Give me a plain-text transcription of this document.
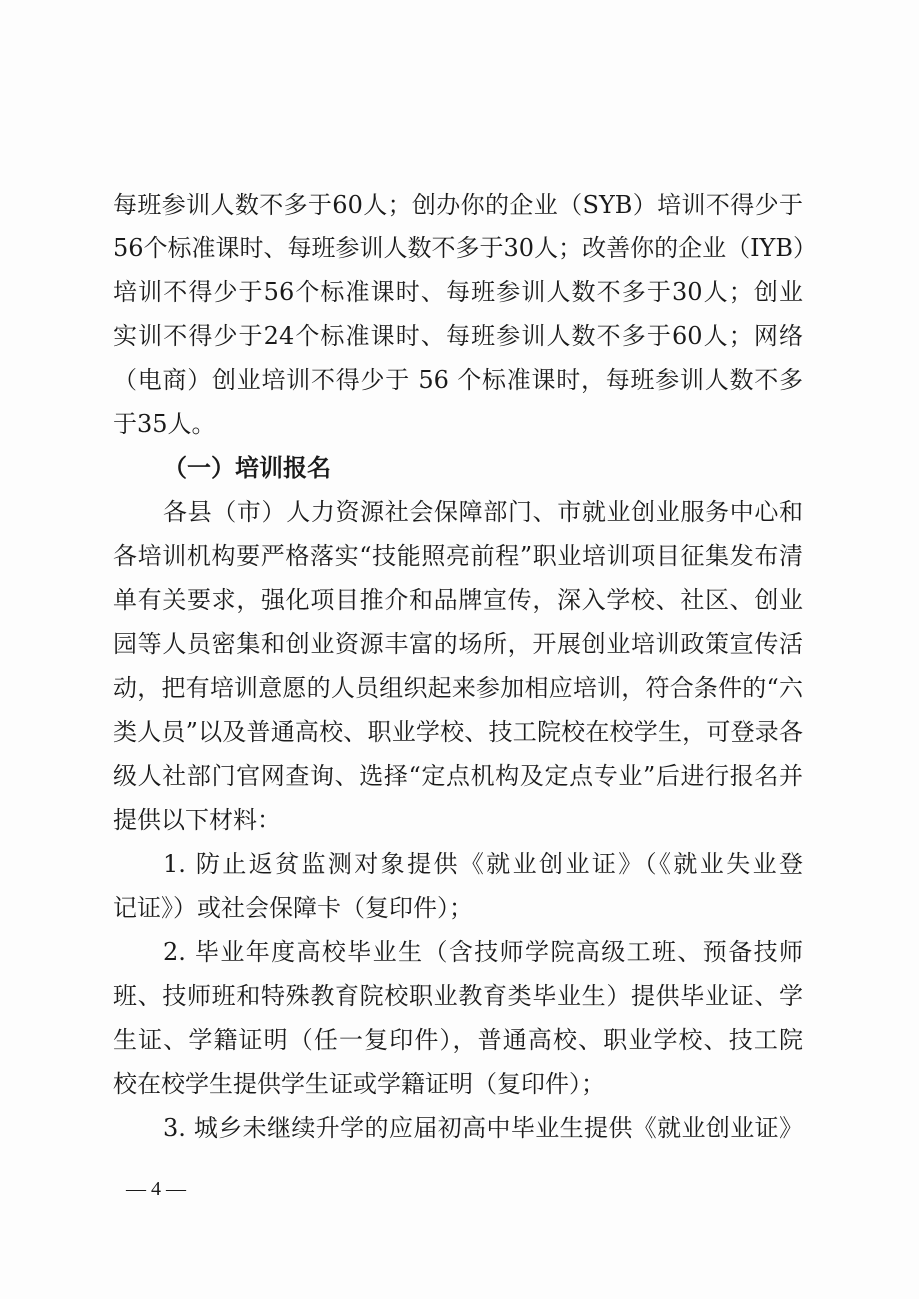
每班参训人数不多于60人；创办你的企业（SYB）培训不得少于
56个标准课时、每班参训人数不多于30人；改善你的企业（IYB）
培训不得少于56个标准课时、每班参训人数不多于30人；创业
实训不得少于24个标准课时、每班参训人数不多于60人；网络
（电商）创业培训不得少于 56 个标准课时，每班参训人数不多
于35人。
（一）培训报名
各县（市）人力资源社会保障部门、市就业创业服务中心和
各培训机构要严格落实“技能照亮前程”职业培训项目征集发布清
单有关要求，强化项目推介和品牌宣传，深入学校、社区、创业
园等人员密集和创业资源丰富的场所，开展创业培训政策宣传活
动，把有培训意愿的人员组织起来参加相应培训，符合条件的“六
类人员”以及普通高校、职业学校、技工院校在校学生，可登录各
级人社部门官网查询、选择“定点机构及定点专业”后进行报名并
提供以下材料：
1. 防止返贫监测对象提供《就业创业证》（《就业失业登
记证》）或社会保障卡（复印件）；
2. 毕业年度高校毕业生（含技师学院高级工班、预备技师
班、技师班和特殊教育院校职业教育类毕业生）提供毕业证、学
生证、学籍证明（任一复印件），普通高校、职业学校、技工院
校在校学生提供学生证或学籍证明（复印件）；
3. 城乡未继续升学的应届初高中毕业生提供《就业创业证》
— 4 —
